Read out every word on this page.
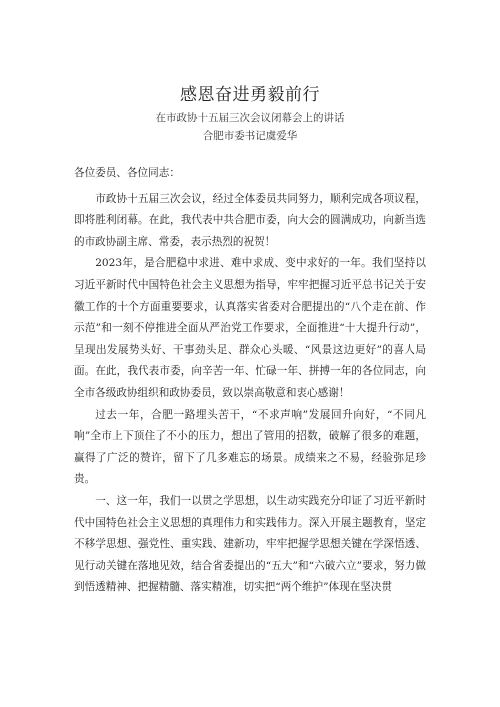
感恩奋进勇毅前行
在市政协十五届三次会议闭幕会上的讲话
合肥市委书记虞爱华

各位委员、各位同志：

市政协十五届三次会议，经过全体委员共同努力，顺利完成各项议程，即将胜利闭幕。在此，我代表中共合肥市委，向大会的圆满成功，向新当选的市政协副主席、常委，表示热烈的祝贺！

2023年，是合肥稳中求进、难中求成、变中求好的一年。我们坚持以习近平新时代中国特色社会主义思想为指导，牢牢把握习近平总书记关于安徽工作的十个方面重要要求，认真落实省委对合肥提出的“八个走在前、作示范”和一刻不停推进全面从严治党工作要求，全面推进“十大提升行动”，呈现出发展势头好、干事劲头足、群众心头暖、“风景这边更好”的喜人局面。在此，我代表市委，向辛苦一年、忙碌一年、拼搏一年的各位同志，向全市各级政协组织和政协委员，致以崇高敬意和衷心感谢！

过去一年，合肥一路埋头苦干，“不求声响”发展回升向好，“不同凡响”全市上下顶住了不小的压力，想出了管用的招数，破解了很多的难题，赢得了广泛的赞许，留下了几多难忘的场景。成绩来之不易，经验弥足珍贵。

一、这一年，我们一以贯之学思想，以生动实践充分印证了习近平新时代中国特色社会主义思想的真理伟力和实践伟力。深入开展主题教育，坚定不移学思想、强党性、重实践、建新功，牢牢把握学思想关键在学深悟透、见行动关键在落地见效，结合省委提出的“五大”和“六破六立”要求，努力做到悟透精神、把握精髓、落实精准，切实把“两个维护”体现在坚决贯
